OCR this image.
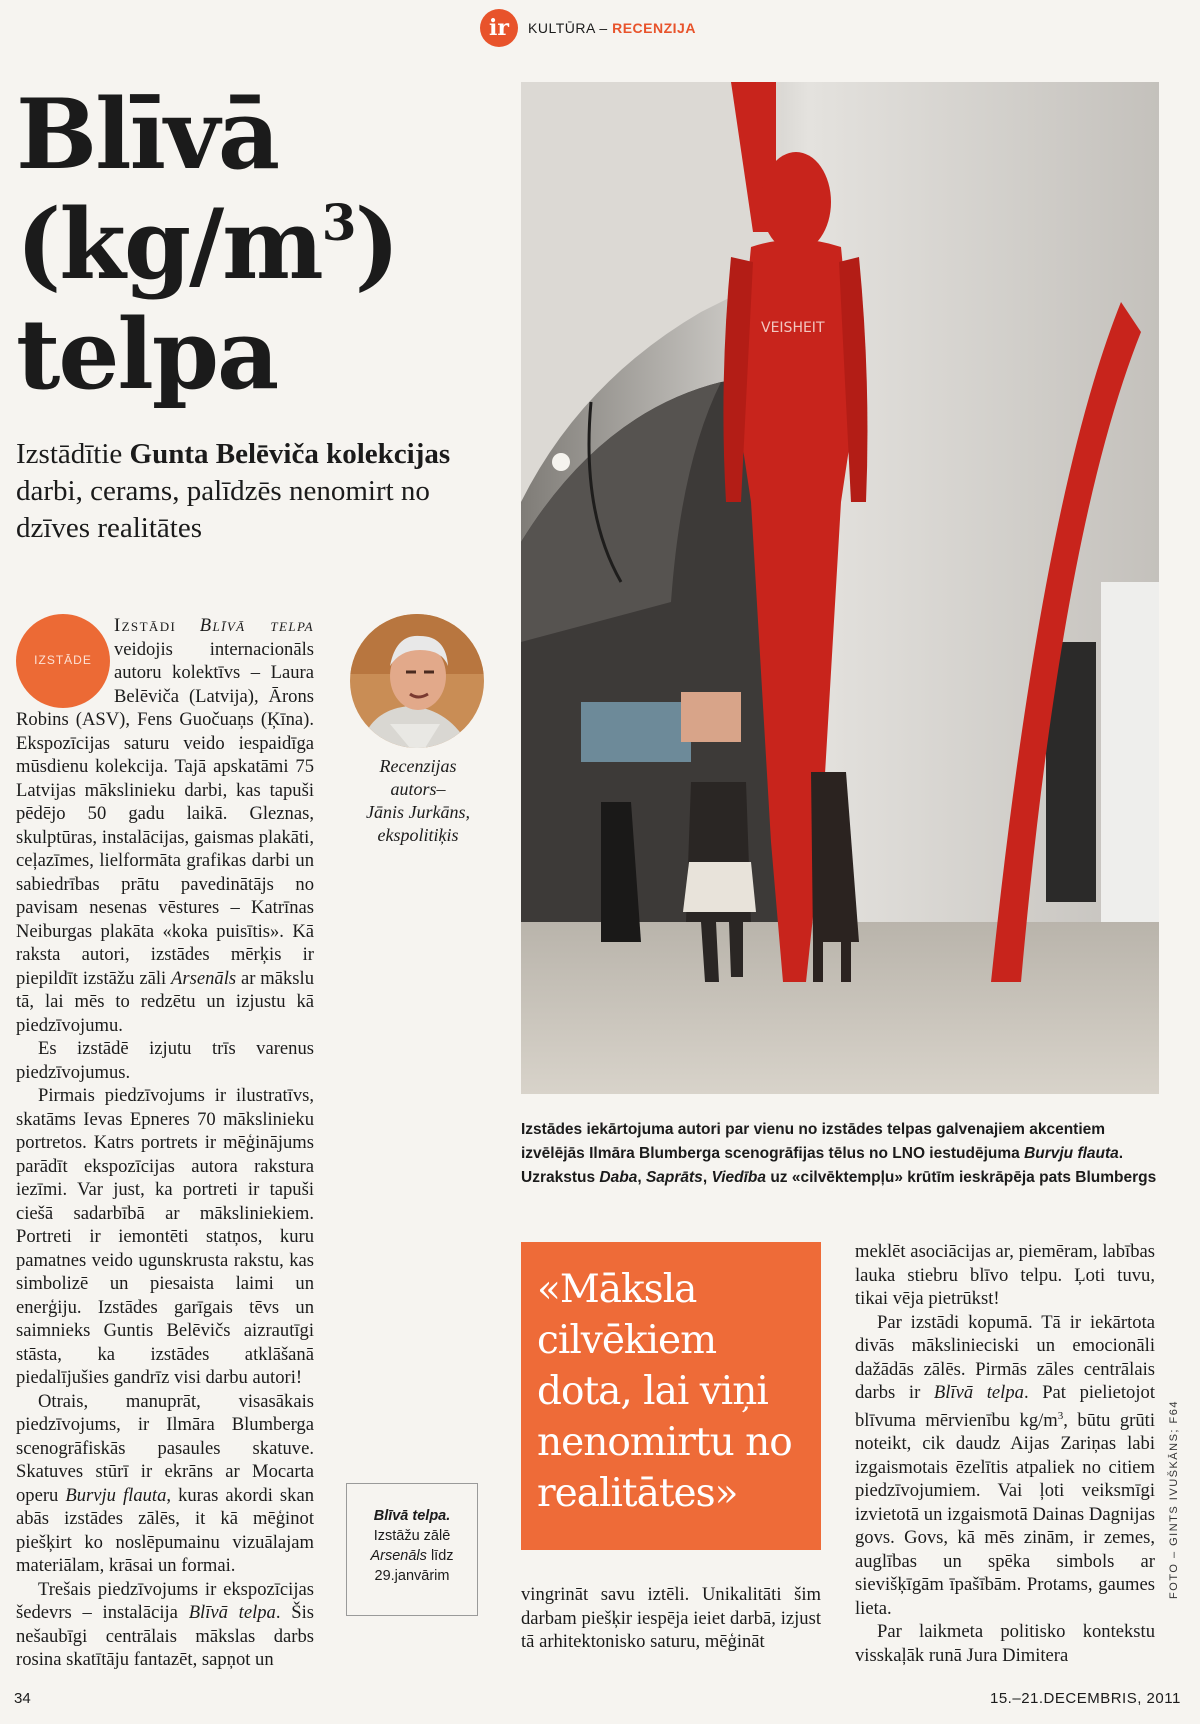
ir	KULTŪRA – RECENZIJA
Blīvā
$(kg/m^3)$
telpa
Izstādītie Gunta Belēviča kolekcijas darbi, cerams, palīdzēs nenomirt no dzīves realitātes
Recenzijas
autors–
Jānis Jurkāns,
ekspolitiķis
IZSTĀDE

Izstādi Blīvā telpa veidojis internacionāls autoru kolektīvs – Laura Belēviča (Latvija), Ārons Robins (ASV), Fens Guočuaņs (Ķīna). Ekspozīcijas saturu veido iespaidīga mūsdienu kolekcija. Tajā apskatāmi 75 Latvijas mākslinieku darbi, kas tapuši pēdējo 50 gadu laikā. Gleznas, skulptūras, instalācijas, gaismas plakāti, ceļazīmes, lielformāta grafikas darbi un sabiedrības prātu pavedinātājs no pavisam nesenas vēstures – Katrīnas Neiburgas plakāta «koka puisītis». Kā raksta autori, izstādes mērķis ir piepildīt izstāžu zāli Arsenāls ar mākslu tā, lai mēs to redzētu un izjustu kā piedzīvojumu.

Es izstādē izjutu trīs varenus piedzīvojumus.

Pirmais piedzīvojums ir ilustratīvs, skatāms Ievas Epneres 70 mākslinieku portretos. Katrs portrets ir mēģinājums parādīt ekspozīcijas autora rakstura iezīmi. Var just, ka portreti ir tapuši ciešā sadarbībā ar māksliniekiem. Portreti ir iemontēti statņos, kuru pamatnes veido ugunskrusta rakstu, kas simbolizē un piesaista laimi un enerģiju. Izstādes garīgais tēvs un saimnieks Guntis Belēvičs aizrautīgi stāsta, ka izstādes atklāšanā piedalījušies gandrīz visi darbu autori!

Otrais, manuprāt, visasākais piedzīvojums, ir Ilmāra Blumberga scenogrāfiskās pasaules skatuve. Skatuves stūrī ir ekrāns ar Mocarta operu Burvju flauta, kuras akordi skan abās izstādes zālēs, it kā mēģinot piešķirt ko noslēpumainu vizuālajam materiālam, krāsai un formai.

Trešais piedzīvojums ir ekspozīcijas šedevrs – instalācija Blīvā telpa. Šis nešaubīgi centrālais mākslas darbs rosina skatītāju fantazēt, sapņot un

Blīvā telpa.
Izstāžu zālē
Arsenāls līdz
29.janvārim
VEISHEIT
Izstādes iekārtojuma autori par vienu no izstādes telpas galvenajiem akcentiem izvēlējās Ilmāra Blumberga scenogrāfijas tēlus no LNO iestudējuma Burvju flauta. Uzrakstus Daba, Saprāts, Viedība uz «cilvēktempļu» krūtīm ieskrāpēja pats Blumbergs
«Māksla cilvēkiem dota, lai viņi nenomirtu no realitātes»

vingrināt savu iztēli. Unikalitāti šim darbam piešķir iespēja ieiet darbā, izjust tā arhitektonisko saturu, mēģināt

meklēt asociācijas ar, piemēram, labības lauka stiebru blīvo telpu. Ļoti tuvu, tikai vēja pietrūkst!

Par izstādi kopumā. Tā ir iekārtota divās mākslinieciski un emocionāli dažādās zālēs. Pirmās zāles centrālais darbs ir Blīvā telpa. Pat pielietojot blīvuma mērvienību $kg/m^3$, būtu grūti noteikt, cik daudz Aijas Zariņas labi izgaismotais ēzelītis atpaliek no citiem piedzīvojumiem. Vai ļoti veiksmīgi izvietotā un izgaismotā Dainas Dagnijas govs. Govs, kā mēs zinām, ir zemes, auglības un spēka simbols ar sievišķīgām īpašībām. Protams, gaumes lieta.

Par laikmeta politisko kontekstu visskaļāk runā Jura Dimitera

34	15.–21.DECEMBRIS, 2011
FOTO – GINTS IVUŠKĀNS; F64
